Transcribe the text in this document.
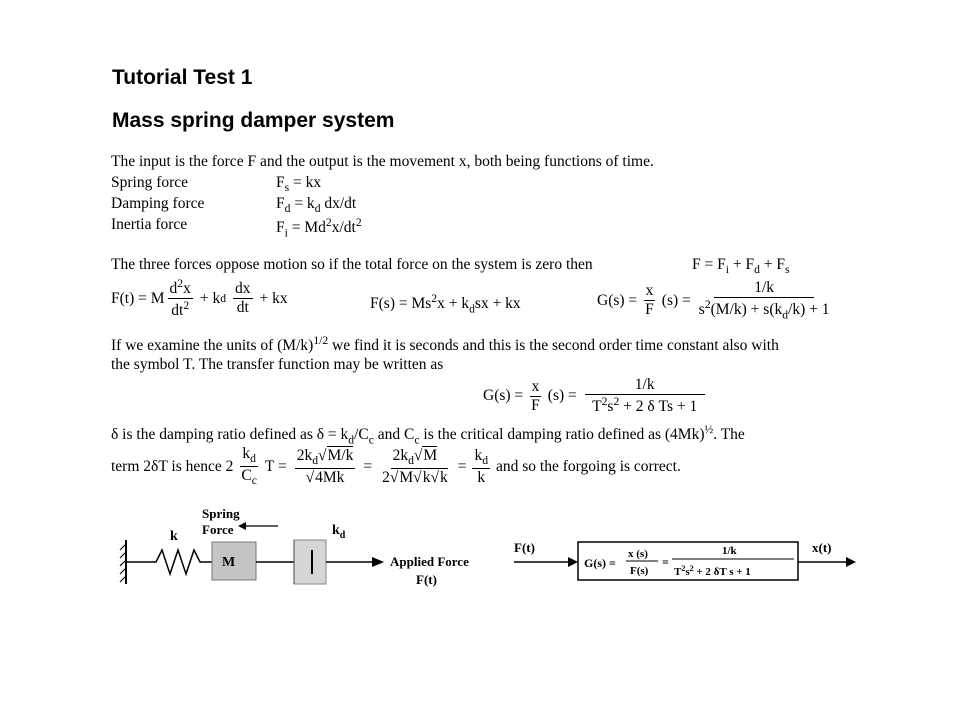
Tutorial Test 1
Mass spring damper system
The input is the force F and the output is the movement x, both being functions of time.
Spring force	$F_s$ = kx
Damping force	$F_d = k_d$ dx/dt
Inertia force	$F_i = Md^2x/dt^2$
The three forces oppose motion so if the total force on the system is zero then	$F = F_i + F_d + F_s$
F(t) = M $\frac{d^2x}{dt^2} + k$ d $\frac{dx}{dt}$ + kx	$F(s) = Ms^2x + k_dsx$ + kx	$G(s) = \frac{x}{F} (s) = \frac{1/k}{s^2(M/k) + s(k_d/k) + 1}$
If we examine the units of $(M/k)^{1/2}$ we find it is seconds and this is the second order time constant also with
the symbol T. The transfer function may be written as
$G(s) = \frac{x}{F} (s) = \frac{1/k}{T^2s^2 + 2 \delta Ts + 1}$
δ is the damping ratio defined as $\delta = k_d/C_c$ and $C_c$ is the critical damping ratio defined as $(4Mk)^{\frac{1}{2}}$. The
term 2δT is hence $2 \frac{k_d}{C_c}$ $T = \frac{2k_d√M/k}{√4Mk} = \frac{2k_d√M}{2√M√k√k} = \frac{k_d}{k}$ and so the forgoing is correct.
k
Spring
Force
M
$k_d$
Applied Force
F(t)
F(t)
G(s) =
x (s)
F(s)
=
1/k
$T^2s^2 + 2$ δT s + 1
x(t)
